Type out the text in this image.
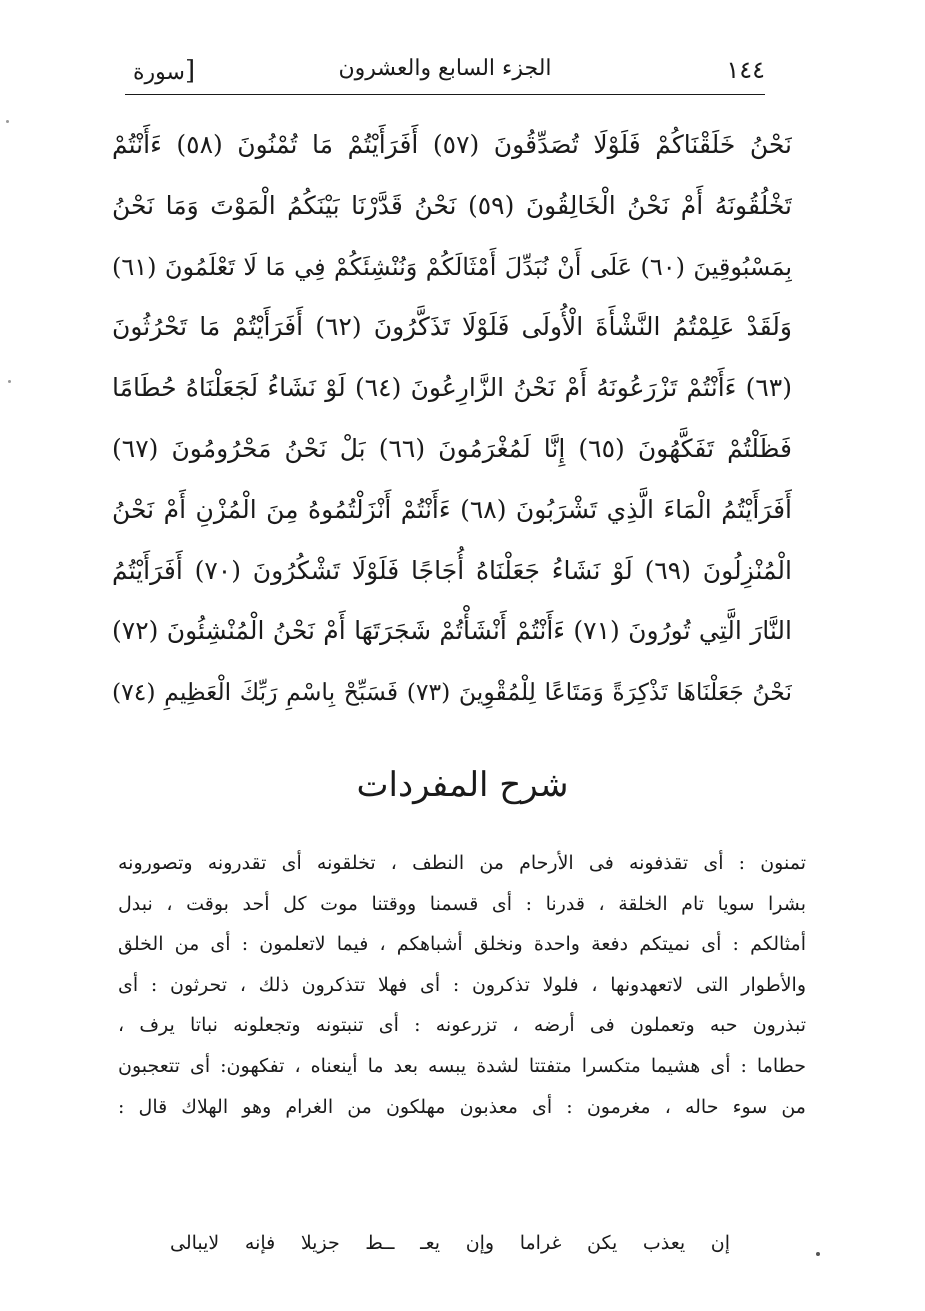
١٤٤
الجزء السابع والعشرون
[سورة
نَحْنُ خَلَقْنَاكُمْ فَلَوْلَا تُصَدِّقُونَ (٥٧) أَفَرَأَيْتُمْ مَا تُمْنُونَ (٥٨) ءَأَنْتُمْ
تَخْلُقُونَهُ أَمْ نَحْنُ الْخَالِقُونَ (٥٩) نَحْنُ قَدَّرْنَا بَيْنَكُمُ الْمَوْتَ وَمَا نَحْنُ
بِمَسْبُوقِينَ (٦٠) عَلَى أَنْ نُبَدِّلَ أَمْثَالَكُمْ وَنُنْشِئَكُمْ فِي مَا لَا تَعْلَمُونَ (٦١)
وَلَقَدْ عَلِمْتُمُ النَّشْأَةَ الْأُولَى فَلَوْلَا تَذَكَّرُونَ (٦٢) أَفَرَأَيْتُمْ مَا تَحْرُثُونَ
(٦٣) ءَأَنْتُمْ تَزْرَعُونَهُ أَمْ نَحْنُ الزَّارِعُونَ (٦٤) لَوْ نَشَاءُ لَجَعَلْنَاهُ حُطَامًا
فَظَلْتُمْ تَفَكَّهُونَ (٦٥) إِنَّا لَمُغْرَمُونَ (٦٦) بَلْ نَحْنُ مَحْرُومُونَ (٦٧)
أَفَرَأَيْتُمُ الْمَاءَ الَّذِي تَشْرَبُونَ (٦٨) ءَأَنْتُمْ أَنْزَلْتُمُوهُ مِنَ الْمُزْنِ أَمْ نَحْنُ
الْمُنْزِلُونَ (٦٩) لَوْ نَشَاءُ جَعَلْنَاهُ أُجَاجًا فَلَوْلَا تَشْكُرُونَ (٧٠) أَفَرَأَيْتُمُ
النَّارَ الَّتِي تُورُونَ (٧١) ءَأَنْتُمْ أَنْشَأْتُمْ شَجَرَتَهَا أَمْ نَحْنُ الْمُنْشِئُونَ (٧٢)
نَحْنُ جَعَلْنَاهَا تَذْكِرَةً وَمَتَاعًا لِلْمُقْوِينَ (٧٣) فَسَبِّحْ بِاسْمِ رَبِّكَ الْعَظِيمِ (٧٤)
شرح المفردات
تمنون : أى تقذفونه فى الأرحام من النطف ، تخلقونه أى تقدرونه وتصورونه
بشرا سويا تام الخلقة ، قدرنا : أى قسمنا ووقتنا موت كل أحد بوقت ، نبدل
أمثالكم : أى نميتكم دفعة واحدة ونخلق أشباهكم ، فيما لاتعلمون : أى من الخلق
والأطوار التى لاتعهدونها ، فلولا تذكرون : أى فهلا تتذكرون ذلك ، تحرثون : أى
تبذرون حبه وتعملون فى أرضه ، تزرعونه : أى تنبتونه وتجعلونه نباتا يرف ،
حطاما : أى هشيما متكسرا متفتتا لشدة يبسه بعد ما أينعناه ، تفكهون: أى تتعجبون
من سوء حاله ، مغرمون : أى معذبون مهلكون من الغرام وهو الهلاك قال :
إن يعذب يكن غراما وإن يعـ ــط جزيلا فإنه لايبالى
